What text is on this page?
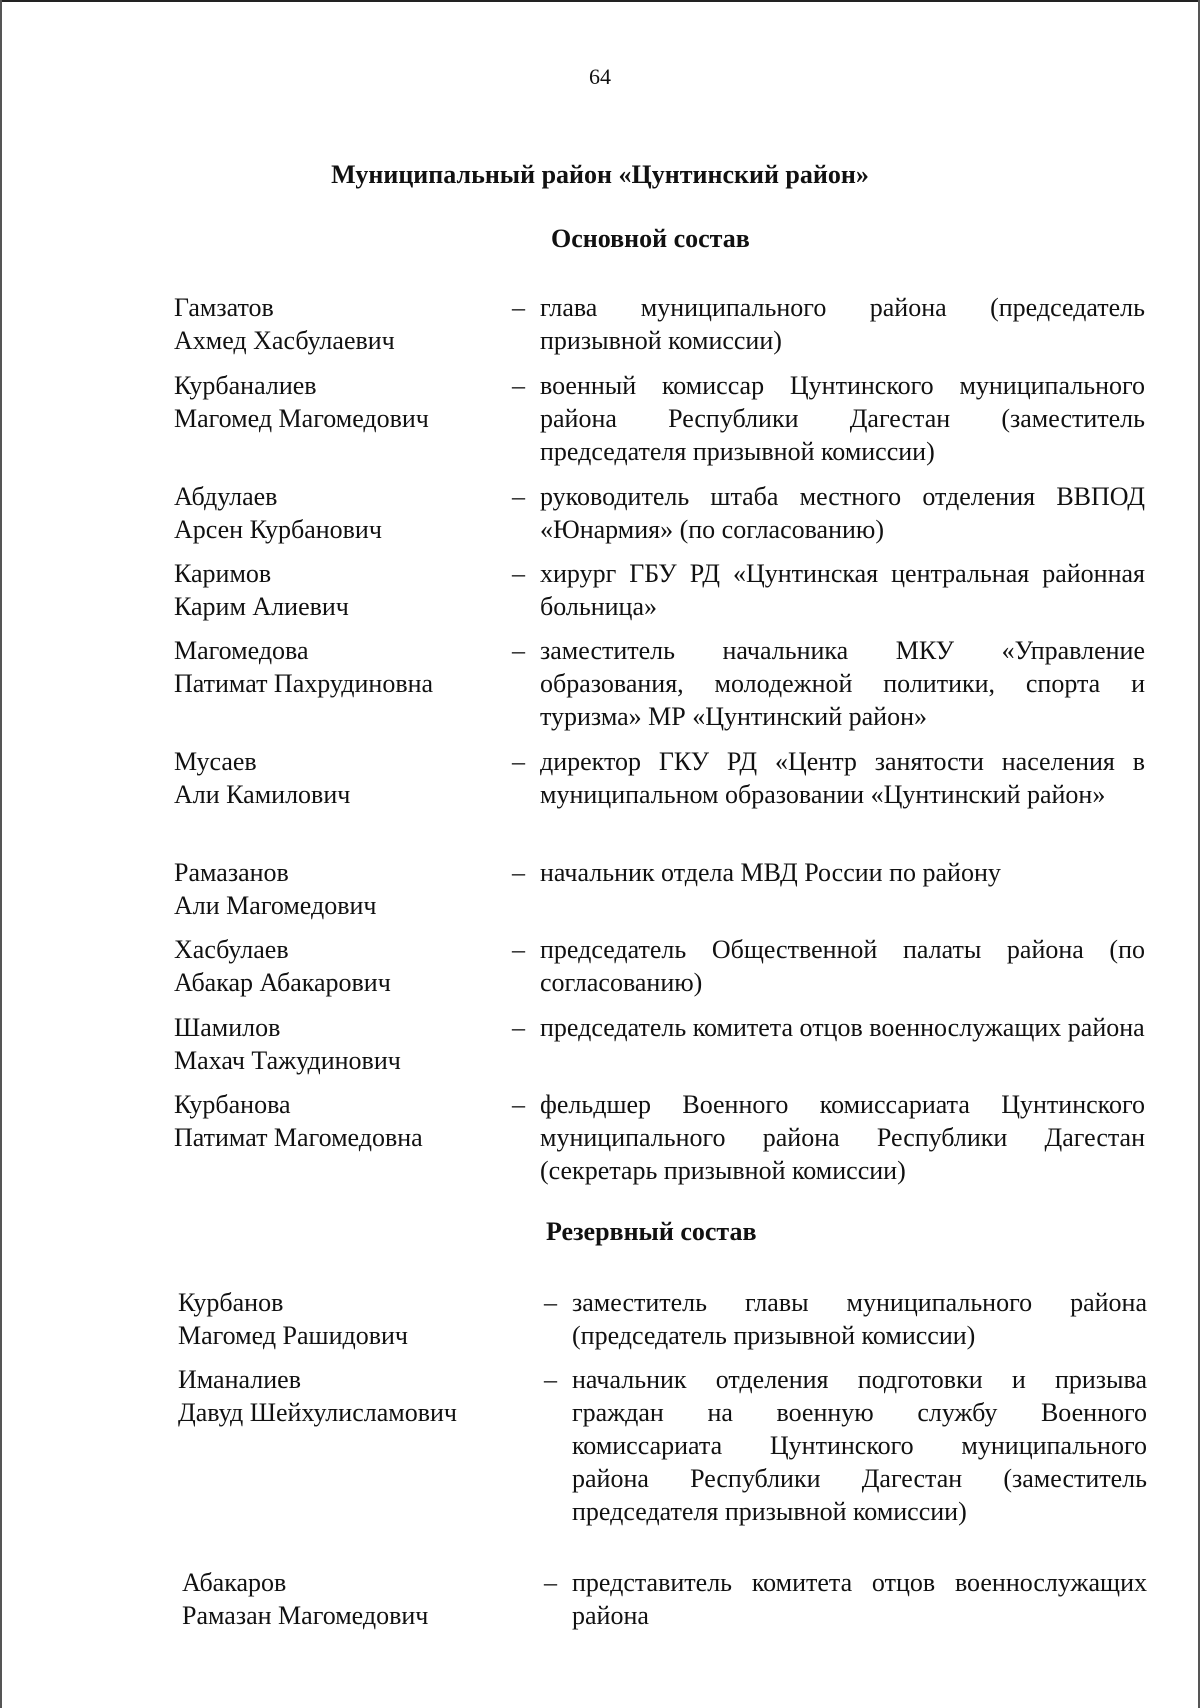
64
Муниципальный район «Цунтинский район»
Основной состав
Гамзатов
Ахмед Хасбулаевич
– глава муниципального района (председатель призывной комиссии)
Курбаналиев
Магомед Магомедович
– военный комиссар Цунтинского муниципального района Республики Дагестан (заместитель председателя призывной комиссии)
Абдулаев
Арсен Курбанович
– руководитель штаба местного отделения ВВПОД «Юнармия» (по согласованию)
Каримов
Карим Алиевич
– хирург ГБУ РД «Цунтинская центральная районная больница»
Магомедова
Патимат Пахрудиновна
– заместитель начальника МКУ «Управление образования, молодежной политики, спорта и туризма» МР «Цунтинский район»
Мусаев
Али Камилович
– директор ГКУ РД «Центр занятости населения в муниципальном образовании «Цунтинский район»
Рамазанов
Али Магомедович
– начальник отдела МВД России по району
Хасбулаев
Абакар Абакарович
– председатель Общественной палаты района (по согласованию)
Шамилов
Махач Тажудинович
– председатель комитета отцов военнослужащих района
Курбанова
Патимат Магомедовна
– фельдшер Военного комиссариата Цунтинского муниципального района Республики Дагестан (секретарь призывной комиссии)
Резервный состав
Курбанов
Магомед Рашидович
– заместитель главы муниципального района (председатель призывной комиссии)
Иманалиев
Давуд Шейхулисламович
– начальник отделения подготовки и призыва граждан на военную службу Военного комиссариата Цунтинского муниципального района Республики Дагестан (заместитель председателя призывной комиссии)
Абакаров
Рамазан Магомедович
– представитель комитета отцов военнослужащих района
